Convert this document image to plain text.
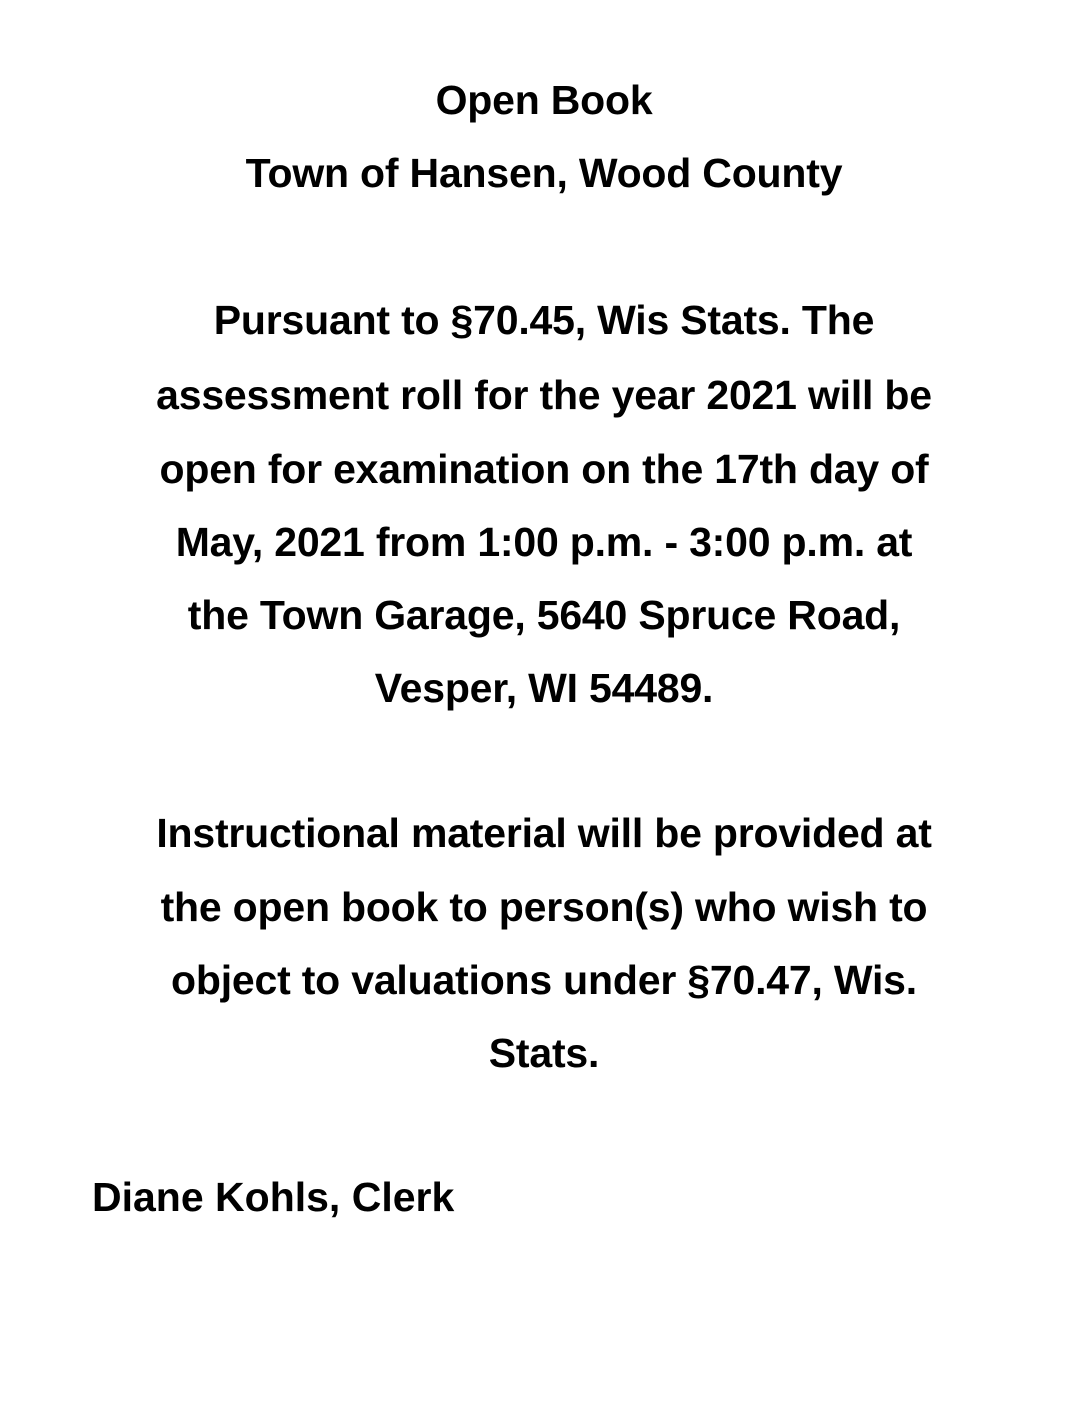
Open Book
Town of Hansen, Wood County
Pursuant to §70.45, Wis Stats. The
assessment roll for the year 2021 will be
open for examination on the 17th day of
May, 2021 from 1:00 p.m. - 3:00 p.m. at
the Town Garage, 5640 Spruce Road,
Vesper, WI 54489.
Instructional material will be provided at
the open book to person(s) who wish to
object to valuations under §70.47, Wis.
Stats.
Diane Kohls, Clerk
